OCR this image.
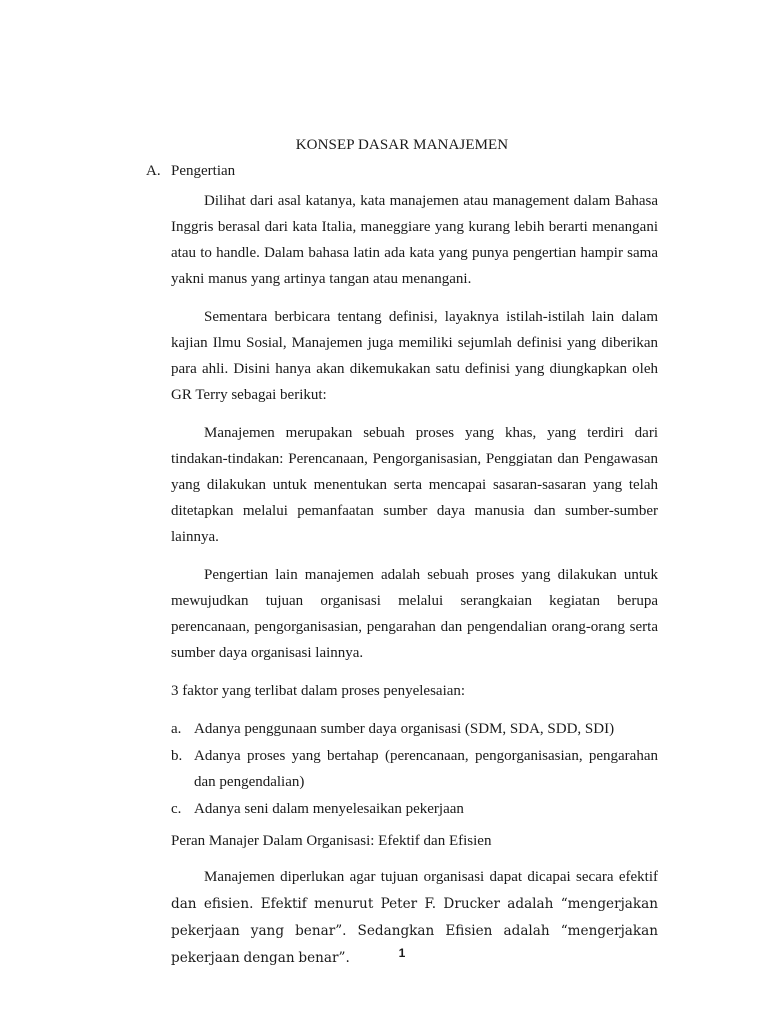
KONSEP DASAR MANAJEMEN
A. Pengertian

Dilihat dari asal katanya, kata manajemen atau management dalam Bahasa Inggris berasal dari kata Italia, maneggiare yang kurang lebih berarti menangani atau to handle. Dalam bahasa latin ada kata yang punya pengertian hampir sama yakni manus yang artinya tangan atau menangani.

Sementara berbicara tentang definisi, layaknya istilah-istilah lain dalam kajian Ilmu Sosial, Manajemen juga memiliki sejumlah definisi yang diberikan para ahli. Disini hanya akan dikemukakan satu definisi yang diungkapkan oleh GR Terry sebagai berikut:

Manajemen merupakan sebuah proses yang khas, yang terdiri dari tindakan-tindakan: Perencanaan, Pengorganisasian, Penggiatan dan Pengawasan yang dilakukan untuk menentukan serta mencapai sasaran-sasaran yang telah ditetapkan melalui pemanfaatan sumber daya manusia dan sumber-sumber lainnya.

Pengertian lain manajemen adalah sebuah proses yang dilakukan untuk mewujudkan tujuan organisasi melalui serangkaian kegiatan berupa perencanaan, pengorganisasian, pengarahan dan pengendalian orang-orang serta sumber daya organisasi lainnya.

3 faktor yang terlibat dalam proses penyelesaian:

a. Adanya penggunaan sumber daya organisasi (SDM, SDA, SDD, SDI)
b. Adanya proses yang bertahap (perencanaan, pengorganisasian, pengarahan dan pengendalian)
c. Adanya seni dalam menyelesaikan pekerjaan
Peran Manajer Dalam Organisasi: Efektif dan Efisien

Manajemen diperlukan agar tujuan organisasi dapat dicapai secara efektif dan efisien. Efektif menurut Peter F. Drucker adalah “mengerjakan pekerjaan yang benar”. Sedangkan Efisien adalah “mengerjakan pekerjaan dengan benar”.	1
